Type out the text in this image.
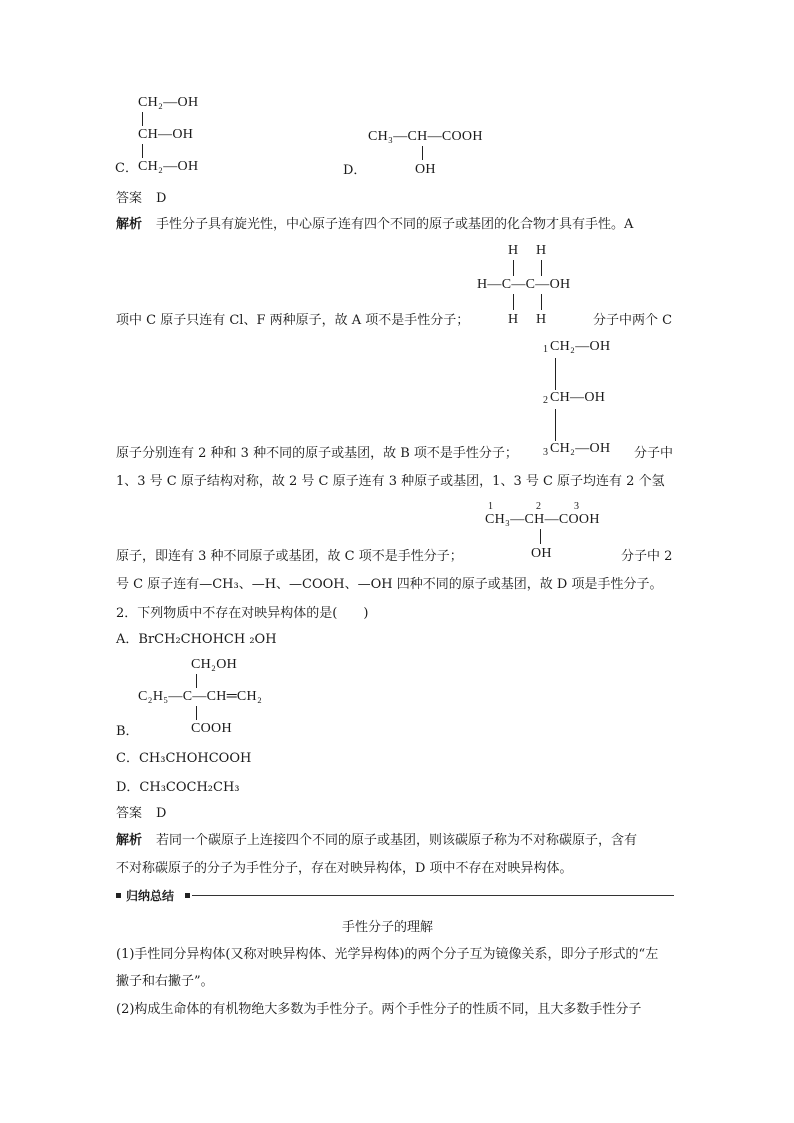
CH₂—OH
CH—OH
C． CH₂—OH
CH₃—CH—COOH
D．	OH
答案 D
解析 手性分子具有旋光性，中心原子连有四个不同的原子或基团的化合物才具有手性。A
H H
H—C—C—OH
H H
项中 C 原子只连有 Cl、F 两种原子，故 A 项不是手性分子；	分子中两个 C
1 CH₂—OH
2 CH—OH
3 CH₂—OH
原子分别连有 2 种和 3 种不同的原子或基团，故 B 项不是手性分子；	分子中
1、3 号 C 原子结构对称，故 2 号 C 原子连有 3 种原子或基团，1、3 号 C 原子均连有 2 个氢
1	2	3
CH₃—CH—COOH
OH
原子，即连有 3 种不同原子或基团，故 C 项不是手性分子；	分子中 2
号 C 原子连有—CH₃、—H、—COOH、—OH 四种不同的原子或基团，故 D 项是手性分子。
2．下列物质中不存在对映异构体的是(　　)
A．BrCH₂CHOHCH ₂OH
CH₂OH
C₂H₅—C—CH═CH₂
B．	COOH
C．CH₃CHOHCOOH
D．CH₃COCH₂CH₃
答案 D
解析 若同一个碳原子上连接四个不同的原子或基团，则该碳原子称为不对称碳原子，含有
不对称碳原子的分子为手性分子，存在对映异构体，D 项中不存在对映异构体。
归纳总结
手性分子的理解
(1)手性同分异构体(又称对映异构体、光学异构体)的两个分子互为镜像关系，即分子形式的“左
撇子和右撇子”。
(2)构成生命体的有机物绝大多数为手性分子。两个手性分子的性质不同，且大多数手性分子
